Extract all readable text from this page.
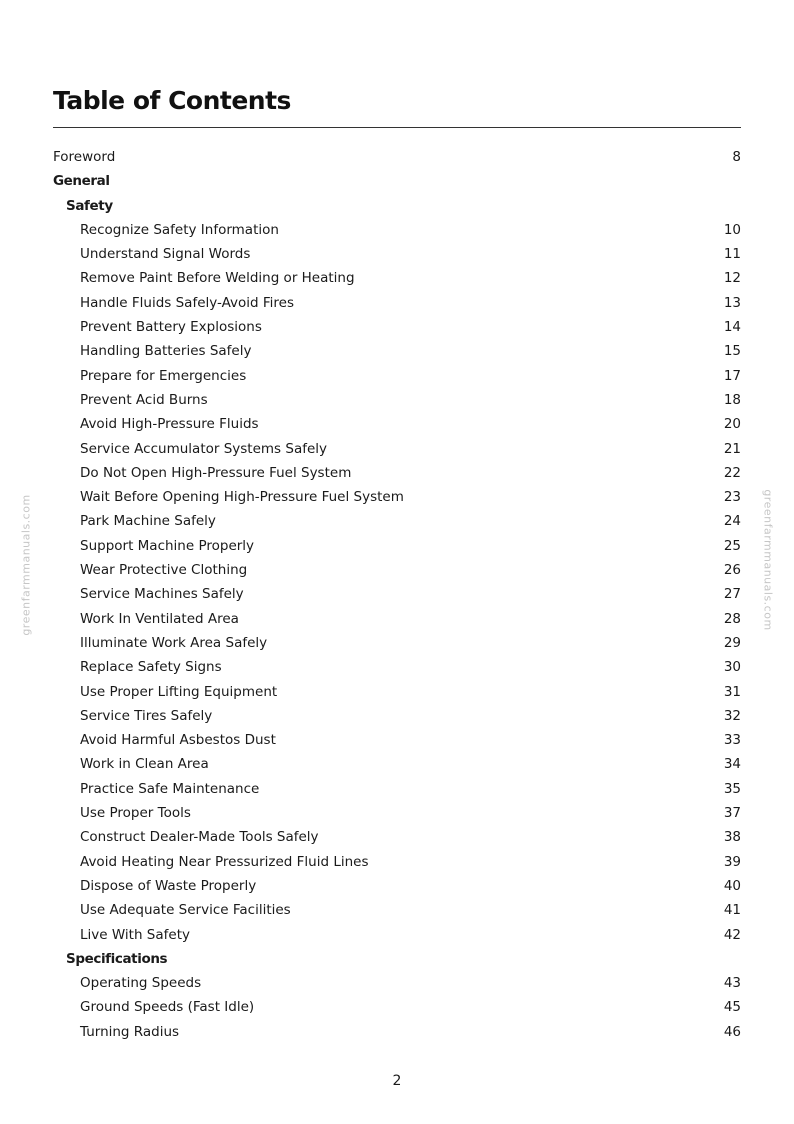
Table of Contents
Foreword	8
General
Safety
Recognize Safety Information	10
Understand Signal Words	11
Remove Paint Before Welding or Heating	12
Handle Fluids Safely-Avoid Fires	13
Prevent Battery Explosions	14
Handling Batteries Safely	15
Prepare for Emergencies	17
Prevent Acid Burns	18
Avoid High-Pressure Fluids	20
Service Accumulator Systems Safely	21
Do Not Open High-Pressure Fuel System	22
Wait Before Opening High-Pressure Fuel System	23
Park Machine Safely	24
Support Machine Properly	25
Wear Protective Clothing	26
Service Machines Safely	27
Work In Ventilated Area	28
Illuminate Work Area Safely	29
Replace Safety Signs	30
Use Proper Lifting Equipment	31
Service Tires Safely	32
Avoid Harmful Asbestos Dust	33
Work in Clean Area	34
Practice Safe Maintenance	35
Use Proper Tools	37
Construct Dealer-Made Tools Safely	38
Avoid Heating Near Pressurized Fluid Lines	39
Dispose of Waste Properly	40
Use Adequate Service Facilities	41
Live With Safety	42
Specifications
Operating Speeds	43
Ground Speeds (Fast Idle)	45
Turning Radius	46
greenfarmmanuals.com	greenfarmmanuals.com
2
